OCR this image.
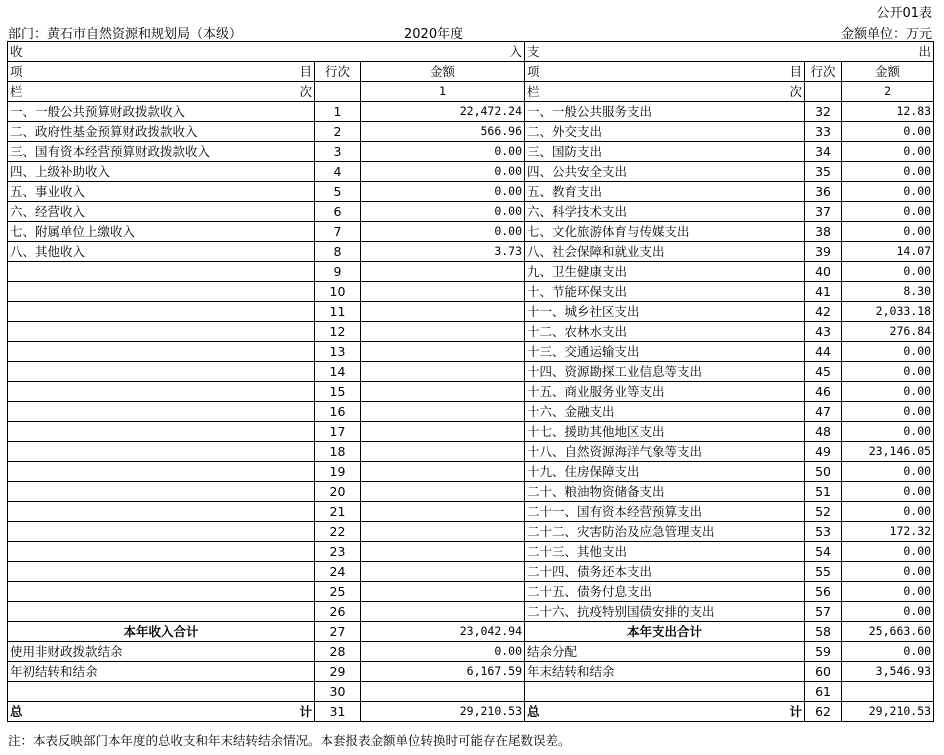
公开01表
部门：黄石市自然资源和规划局（本级）	2020年度	金额单位：万元
收 入			支 出		

项 目	行次	金额	项 目	行次	金额

栏 次		1	栏 次		2
一、一般公共预算财政拨款收入	1	22,472.24	一、一般公共服务支出	32	12.83
二、政府性基金预算财政拨款收入	2	566.96	二、外交支出	33	0.00
三、国有资本经营预算财政拨款收入	3	0.00	三、国防支出	34	0.00
四、上级补助收入	4	0.00	四、公共安全支出	35	0.00
五、事业收入	5	0.00	五、教育支出	36	0.00
六、经营收入	6	0.00	六、科学技术支出	37	0.00
七、附属单位上缴收入	7	0.00	七、文化旅游体育与传媒支出	38	0.00
八、其他收入	8	3.73	八、社会保障和就业支出	39	14.07
	9		九、卫生健康支出	40	0.00
	10		十、节能环保支出	41	8.30
	11		十一、城乡社区支出	42	2,033.18
	12		十二、农林水支出	43	276.84
	13		十三、交通运输支出	44	0.00
	14		十四、资源勘探工业信息等支出	45	0.00
	15		十五、商业服务业等支出	46	0.00
	16		十六、金融支出	47	0.00
	17		十七、援助其他地区支出	48	0.00
	18		十八、自然资源海洋气象等支出	49	23,146.05
	19		十九、住房保障支出	50	0.00
	20		二十、粮油物资储备支出	51	0.00
	21		二十一、国有资本经营预算支出	52	0.00
	22		二十二、灾害防治及应急管理支出	53	172.32
	23		二十三、其他支出	54	0.00
	24		二十四、债务还本支出	55	0.00
	25		二十五、债务付息支出	56	0.00
	26		二十六、抗疫特别国债安排的支出	57	0.00
本年收入合计	27	23,042.94	本年支出合计	58	25,663.60
使用非财政拨款结余	28	0.00	结余分配	59	0.00
年初结转和结余	29	6,167.59	年末结转和结余	60	3,546.93
	30			61	

总 计	31	29,210.53	总 计	62	29,210.53
注：本表反映部门本年度的总收支和年末结转结余情况。本套报表金额单位转换时可能存在尾数误差。
